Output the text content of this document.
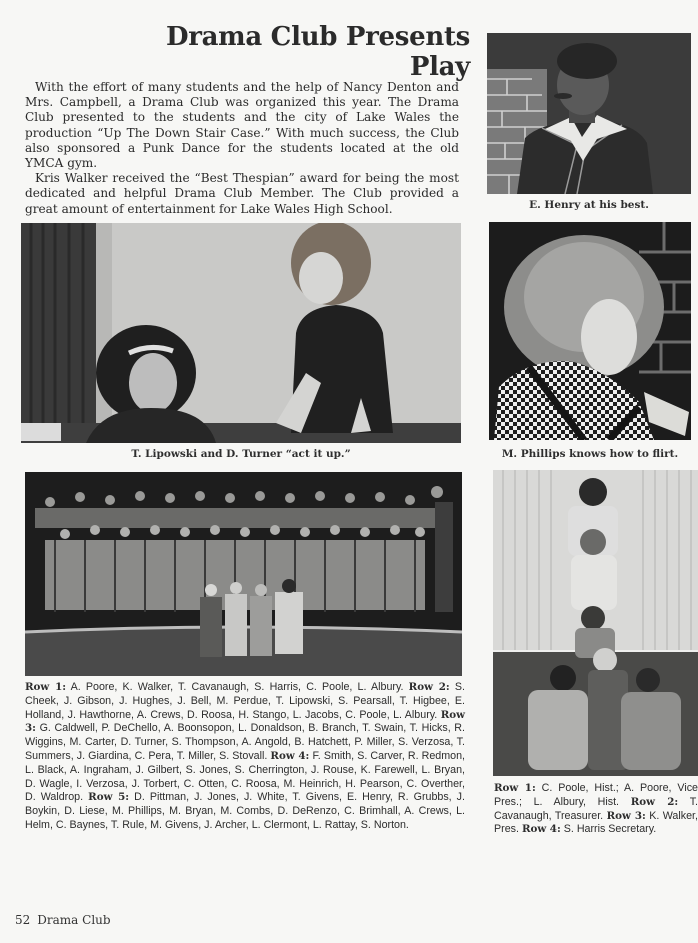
Drama Club Presents Play

With the effort of many students and the help of Nancy Denton and Mrs. Campbell, a Drama Club was organized this year. The Drama Club presented to the students and the city of Lake Wales the production “Up The Down Stair Case.” With much success, the Club also sponsored a Punk Dance for the students located at the old YMCA gym.

Kris Walker received the “Best Thespian” award for being the most dedicated and helpful Drama Club Member. The Club provided a great amount of entertainment for Lake Wales High School.	E. Henry at his best.
T. Lipowski and D. Turner “act it up.”	M. Phillips knows how to flirt.
Row 1: A. Poore, K. Walker, T. Cavanaugh, S. Harris, C. Poole, L. Albury. Row 2: S. Cheek, J. Gibson, J. Hughes, J. Bell, M. Perdue, T. Lipowski, S. Pearsall, T. Higbee, E. Holland, J. Hawthorne, A. Crews, D. Roosa, H. Stango, L. Jacobs, C. Poole, L. Albury. Row 3: G. Caldwell, P. DeChello, A. Boonsopon, L. Donaldson, B. Branch, T. Swain, T. Hicks, R. Wiggins, M. Carter, D. Turner, S. Thompson, A. Angold, B. Hatchett, P. Miller, S. Verzosa, T. Summers, J. Giardina, C. Pera, T. Miller, S. Stovall. Row 4: F. Smith, S. Carver, R. Redmon, L. Black, A. Ingraham, J. Gilbert, S. Jones, S. Cherrington, J. Rouse, K. Farewell, L. Bryan, D. Wagle, I. Verzosa, J. Torbert, C. Otten, C. Roosa, M. Heinrich, H. Pearson, C. Overther, D. Waldrop. Row 5: D. Pittman, J. Jones, J. White, T. Givens, E. Henry, R. Grubbs, J. Boykin, D. Liese, M. Phillips, M. Bryan, M. Combs, D. DeRenzo, C. Brimhall, A. Crews, L. Helm, C. Baynes, T. Rule, M. Givens, J. Archer, L. Clermont, L. Rattay, S. Norton.
Row 1: C. Poole, Hist.; A. Poore, Vice Pres.; L. Albury, Hist. Row 2: T. Cavanaugh, Treasurer. Row 3: K. Walker, Pres. Row 4: S. Harris Secretary.
52 Drama Club
